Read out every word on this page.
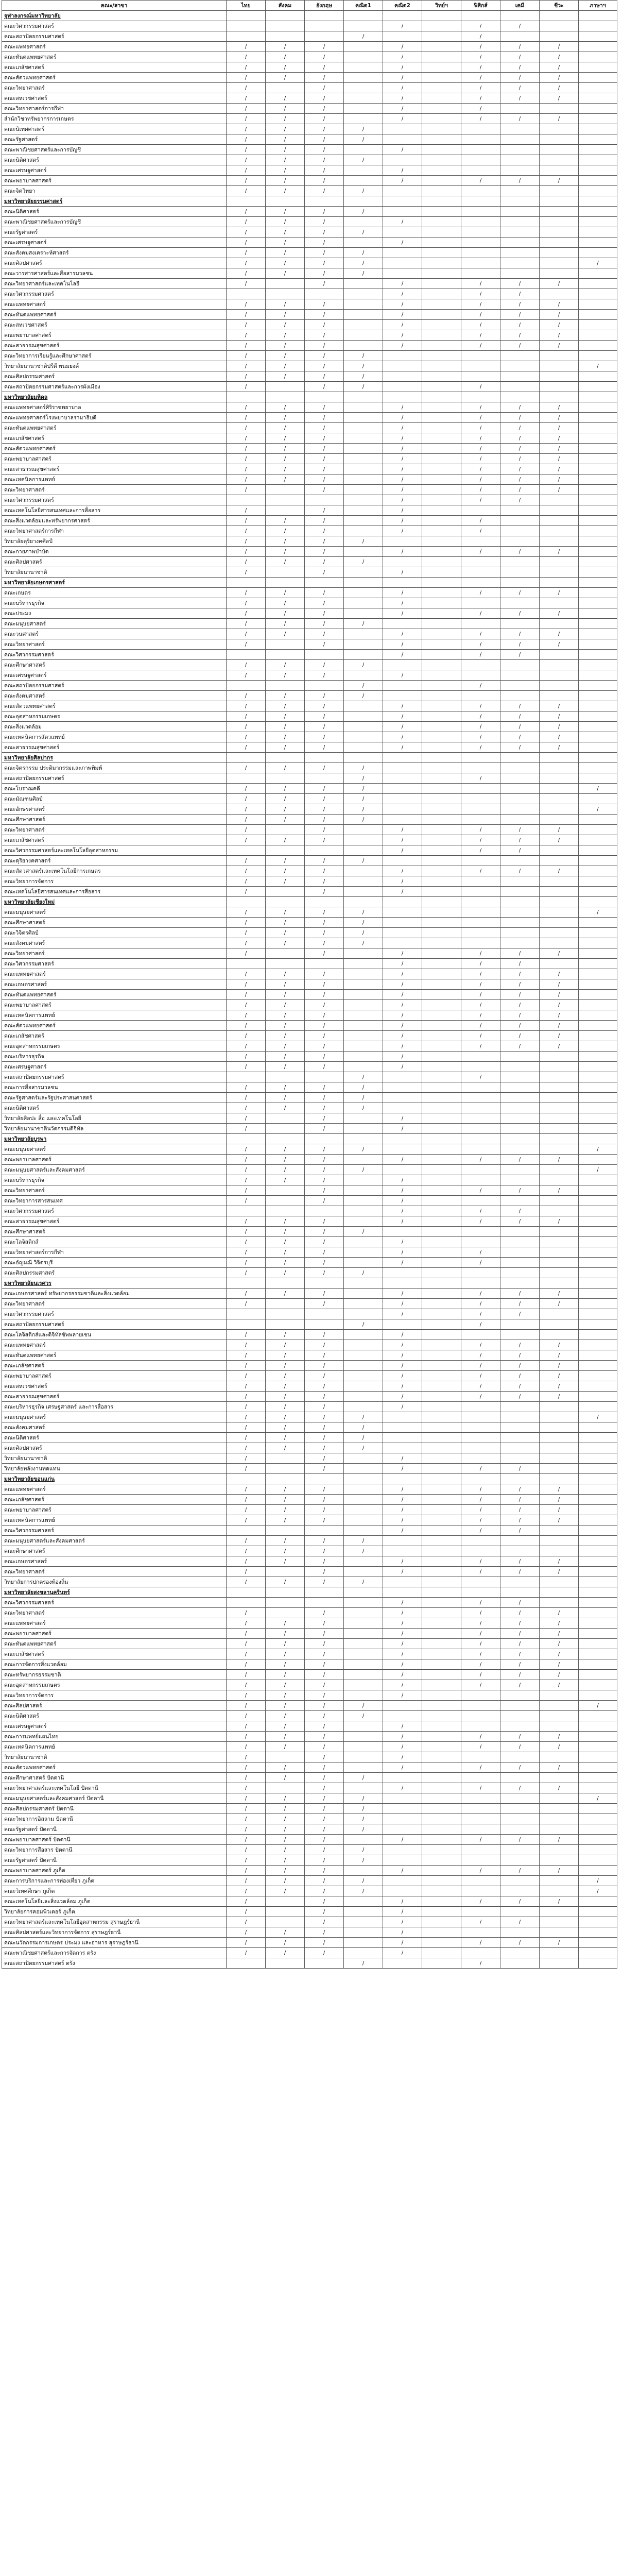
คณะ/สาขา	ไทย	สังคม	อังกฤษ	คณิต1	คณิต2	วิทย์ฯ	ฟิสิกส์	เคมี	ชีวะ	ภาษาฯ
จุฬาลงกรณ์มหาวิทยาลัย										
คณะวิศวกรรมศาสตร์					/		/	/		
คณะสถาปัตยกรรมศาสตร์				/			/			
คณะแพทยศาสตร์	/	/	/		/		/	/	/	
คณะทันตแพทยศาสตร์	/	/	/		/		/	/	/	
คณะเภสัชศาสตร์	/	/	/		/		/	/	/	
คณะสัตวแพทยศาสตร์	/	/	/		/		/	/	/	
คณะวิทยาศาสตร์	/		/		/		/	/	/	
คณะสหเวชศาสตร์	/	/	/		/		/	/	/	
คณะวิทยาศาสตร์การกีฬา	/	/	/		/		/			
สำนักวิชาทรัพยากรการเกษตร	/	/	/		/		/	/	/	
คณะนิเทศศาสตร์	/	/	/	/						
คณะรัฐศาสตร์	/	/	/	/						
คณะพาณิชยศาสตร์และการบัญชี	/	/	/		/					
คณะนิติศาสตร์	/	/	/	/						
คณะเศรษฐศาสตร์	/	/	/		/					
คณะพยาบาลศาสตร์	/	/	/		/		/	/	/	
คณะจิตวิทยา	/	/	/	/						
มหาวิทยาลัยธรรมศาสตร์										
คณะนิติศาสตร์	/	/	/	/						
คณะพาณิชยศาสตร์และการบัญชี	/	/	/		/					
คณะรัฐศาสตร์	/	/	/	/						
คณะเศรษฐศาสตร์	/	/	/		/					
คณะสังคมสงเคราะห์ศาสตร์	/	/	/	/						
คณะศิลปศาสตร์	/	/	/	/						/
คณะวารสารศาสตร์และสื่อสารมวลชน	/	/	/	/						
คณะวิทยาศาสตร์และเทคโนโลยี	/		/		/		/	/	/	
คณะวิศวกรรมศาสตร์					/		/	/		
คณะแพทยศาสตร์	/	/	/		/		/	/	/	
คณะทันตแพทยศาสตร์	/	/	/		/		/	/	/	
คณะสหเวชศาสตร์	/	/	/		/		/	/	/	
คณะพยาบาลศาสตร์	/	/	/		/		/	/	/	
คณะสาธารณสุขศาสตร์	/	/	/		/		/	/	/	
คณะวิทยาการเรียนรู้และศึกษาศาสตร์	/	/	/	/						
วิทยาลัยนานาชาติปรีดี พนมยงค์	/	/	/	/						/
คณะศิลปกรรมศาสตร์	/	/	/	/						
คณะสถาปัตยกรรมศาสตร์และการผังเมือง	/		/	/			/			
มหาวิทยาลัยมหิดล										
คณะแพทยศาสตร์ศิริราชพยาบาล	/	/	/		/		/	/	/	
คณะแพทยศาสตร์โรงพยาบาลรามาธิบดี	/	/	/		/		/	/	/	
คณะทันตแพทยศาสตร์	/	/	/		/		/	/	/	
คณะเภสัชศาสตร์	/	/	/		/		/	/	/	
คณะสัตวแพทยศาสตร์	/	/	/		/		/	/	/	
คณะพยาบาลศาสตร์	/	/	/		/		/	/	/	
คณะสาธารณสุขศาสตร์	/	/	/		/		/	/	/	
คณะเทคนิคการแพทย์	/	/	/		/		/	/	/	
คณะวิทยาศาสตร์	/		/		/		/	/	/	
คณะวิศวกรรมศาสตร์					/		/	/		
คณะเทคโนโลยีสารสนเทศและการสื่อสาร	/		/		/					
คณะสิ่งแวดล้อมและทรัพยากรศาสตร์	/	/	/		/		/			
คณะวิทยาศาสตร์การกีฬา	/	/	/		/		/			
วิทยาลัยดุริยางคศิลป์	/	/	/	/						
คณะกายภาพบำบัด	/	/	/		/		/	/	/	
คณะศิลปศาสตร์	/	/	/	/						
วิทยาลัยนานาชาติ	/		/		/					
มหาวิทยาลัยเกษตรศาสตร์										
คณะเกษตร	/	/	/		/		/	/	/	
คณะบริหารธุรกิจ	/	/	/		/					
คณะประมง	/	/	/		/		/	/	/	
คณะมนุษยศาสตร์	/	/	/	/						
คณะวนศาสตร์	/	/	/		/		/	/	/	
คณะวิทยาศาสตร์	/		/		/		/	/	/	
คณะวิศวกรรมศาสตร์					/		/	/		
คณะศึกษาศาสตร์	/	/	/	/						
คณะเศรษฐศาสตร์	/	/	/		/					
คณะสถาปัตยกรรมศาสตร์				/			/			
คณะสังคมศาสตร์	/	/	/	/						
คณะสัตวแพทยศาสตร์	/	/	/		/		/	/	/	
คณะอุตสาหกรรมเกษตร	/	/	/		/		/	/	/	
คณะสิ่งแวดล้อม	/	/	/		/		/	/	/	
คณะเทคนิคการสัตวแพทย์	/	/	/		/		/	/	/	
คณะสาธารณสุขศาสตร์	/	/	/		/		/	/	/	
มหาวิทยาลัยศิลปากร										
คณะจิตรกรรม ประติมากรรมและภาพพิมพ์	/	/	/	/						
คณะสถาปัตยกรรมศาสตร์				/			/			
คณะโบราณคดี	/	/	/	/						/
คณะมัณฑนศิลป์	/	/	/	/						
คณะอักษรศาสตร์	/	/	/	/						/
คณะศึกษาศาสตร์	/	/	/	/						
คณะวิทยาศาสตร์	/		/		/		/	/	/	
คณะเภสัชศาสตร์	/	/	/		/		/	/	/	
คณะวิศวกรรมศาสตร์และเทคโนโลยีอุตสาหกรรม					/		/	/		
คณะดุริยางคศาสตร์	/	/	/	/						
คณะสัตวศาสตร์และเทคโนโลยีการเกษตร	/	/	/		/		/	/	/	
คณะวิทยาการจัดการ	/	/	/		/					
คณะเทคโนโลยีสารสนเทศและการสื่อสาร	/		/		/					
มหาวิทยาลัยเชียงใหม่										
คณะมนุษยศาสตร์	/	/	/	/						/
คณะศึกษาศาสตร์	/	/	/	/						
คณะวิจิตรศิลป์	/	/	/	/						
คณะสังคมศาสตร์	/	/	/	/						
คณะวิทยาศาสตร์	/		/		/		/	/	/	
คณะวิศวกรรมศาสตร์					/		/	/		
คณะแพทยศาสตร์	/	/	/		/		/	/	/	
คณะเกษตรศาสตร์	/	/	/		/		/	/	/	
คณะทันตแพทยศาสตร์	/	/	/		/		/	/	/	
คณะพยาบาลศาสตร์	/	/	/		/		/	/	/	
คณะเทคนิคการแพทย์	/	/	/		/		/	/	/	
คณะสัตวแพทยศาสตร์	/	/	/		/		/	/	/	
คณะเภสัชศาสตร์	/	/	/		/		/	/	/	
คณะอุตสาหกรรมเกษตร	/	/	/		/		/	/	/	
คณะบริหารธุรกิจ	/	/	/		/					
คณะเศรษฐศาสตร์	/	/	/		/					
คณะสถาปัตยกรรมศาสตร์				/			/			
คณะการสื่อสารมวลชน	/	/	/	/						
คณะรัฐศาสตร์และรัฐประศาสนศาสตร์	/	/	/	/						
คณะนิติศาสตร์	/	/	/	/						
วิทยาลัยศิลปะ สื่อ และเทคโนโลยี	/		/		/					
วิทยาลัยนานาชาตินวัตกรรมดิจิทัล	/		/		/					
มหาวิทยาลัยบูรพา										
คณะมนุษยศาสตร์	/	/	/	/						/
คณะพยาบาลศาสตร์	/	/	/		/		/	/	/	
คณะมนุษยศาสตร์และสังคมศาสตร์	/	/	/	/						/
คณะบริหารธุรกิจ	/	/	/		/					
คณะวิทยาศาสตร์	/		/		/		/	/	/	
คณะวิทยาการสารสนเทศ	/		/		/					
คณะวิศวกรรมศาสตร์					/		/	/		
คณะสาธารณสุขศาสตร์	/	/	/		/		/	/	/	
คณะศึกษาศาสตร์	/	/	/	/						
คณะโลจิสติกส์	/	/	/		/					
คณะวิทยาศาสตร์การกีฬา	/	/	/		/		/			
คณะอัญมณี วิจิตรบุรี	/	/	/		/		/			
คณะศิลปกรรมศาสตร์	/	/	/	/						
มหาวิทยาลัยนเรศวร										
คณะเกษตรศาสตร์ ทรัพยากรธรรมชาติและสิ่งแวดล้อม	/	/	/		/		/	/	/	
คณะวิทยาศาสตร์	/		/		/		/	/	/	
คณะวิศวกรรมศาสตร์					/		/	/		
คณะสถาปัตยกรรมศาสตร์				/			/			
คณะโลจิสติกส์และดิจิทัลซัพพลายเชน	/	/	/		/					
คณะแพทยศาสตร์	/	/	/		/		/	/	/	
คณะทันตแพทยศาสตร์	/	/	/		/		/	/	/	
คณะเภสัชศาสตร์	/	/	/		/		/	/	/	
คณะพยาบาลศาสตร์	/	/	/		/		/	/	/	
คณะสหเวชศาสตร์	/	/	/		/		/	/	/	
คณะสาธารณสุขศาสตร์	/	/	/		/		/	/	/	
คณะบริหารธุรกิจ เศรษฐศาสตร์ และการสื่อสาร	/	/	/		/					
คณะมนุษยศาสตร์	/	/	/	/						/
คณะสังคมศาสตร์	/	/	/	/						
คณะนิติศาสตร์	/	/	/	/						
คณะศิลปศาสตร์	/	/	/	/						
วิทยาลัยนานาชาติ	/		/		/					
วิทยาลัยพลังงานทดแทน	/		/		/		/	/		
มหาวิทยาลัยขอนแก่น										
คณะแพทยศาสตร์	/	/	/		/		/	/	/	
คณะเภสัชศาสตร์	/	/	/		/		/	/	/	
คณะพยาบาลศาสตร์	/	/	/		/		/	/	/	
คณะเทคนิคการแพทย์	/	/	/		/		/	/	/	
คณะวิศวกรรมศาสตร์					/		/	/		
คณะมนุษยศาสตร์และสังคมศาสตร์	/	/	/	/						
คณะศึกษาศาสตร์	/	/	/	/						
คณะเกษตรศาสตร์	/	/	/		/		/	/	/	
คณะวิทยาศาสตร์	/		/		/		/	/	/	
วิทยาลัยการปกครองท้องถิ่น	/	/	/	/						
มหาวิทยาลัยสงขลานครินทร์										
คณะวิศวกรรมศาสตร์					/		/	/		
คณะวิทยาศาสตร์	/		/		/		/	/	/	
คณะแพทยศาสตร์	/	/	/		/		/	/	/	
คณะพยาบาลศาสตร์	/	/	/		/		/	/	/	
คณะทันตแพทยศาสตร์	/	/	/		/		/	/	/	
คณะเภสัชศาสตร์	/	/	/		/		/	/	/	
คณะการจัดการสิ่งแวดล้อม	/	/	/		/		/	/	/	
คณะทรัพยากรธรรมชาติ	/	/	/		/		/	/	/	
คณะอุตสาหกรรมเกษตร	/	/	/		/		/	/	/	
คณะวิทยาการจัดการ	/	/	/		/					
คณะศิลปศาสตร์	/	/	/	/						/
คณะนิติศาสตร์	/	/	/	/						
คณะเศรษฐศาสตร์	/	/	/		/					
คณะการแพทย์แผนไทย	/	/	/		/		/	/	/	
คณะเทคนิคการแพทย์	/	/	/		/		/	/	/	
วิทยาลัยนานาชาติ	/		/		/					
คณะสัตวแพทยศาสตร์	/	/	/		/		/	/	/	
คณะศึกษาศาสตร์ ปัตตานี	/	/	/	/						
คณะวิทยาศาสตร์และเทคโนโลยี ปัตตานี	/		/		/		/	/	/	
คณะมนุษยศาสตร์และสังคมศาสตร์ ปัตตานี	/	/	/	/						/
คณะศิลปกรรมศาสตร์ ปัตตานี	/	/	/	/						
คณะวิทยาการอิสลาม ปัตตานี	/	/	/	/						
คณะรัฐศาสตร์ ปัตตานี	/	/	/	/						
คณะพยาบาลศาสตร์ ปัตตานี	/	/	/		/		/	/	/	
คณะวิทยาการสื่อสาร ปัตตานี	/	/	/	/						
คณะรัฐศาสตร์ ปัตตานี	/	/	/	/						
คณะพยาบาลศาสตร์ ภูเก็ต	/	/	/		/		/	/	/	
คณะการบริการและการท่องเที่ยว ภูเก็ต	/	/	/	/						/
คณะวิเทศศึกษา ภูเก็ต	/	/	/	/						/
คณะเทคโนโลยีและสิ่งแวดล้อม ภูเก็ต	/		/		/		/	/	/	
วิทยาลัยการคอมพิวเตอร์ ภูเก็ต	/		/		/					
คณะวิทยาศาสตร์และเทคโนโลยีอุตสาหกรรม สุราษฎร์ธานี	/		/		/		/	/		
คณะศิลปศาสตร์และวิทยาการจัดการ สุราษฎร์ธานี	/	/	/		/					
คณะนวัตกรรมการเกษตร ประมง และอาหาร สุราษฎร์ธานี	/	/	/		/		/	/	/	
คณะพาณิชยศาสตร์และการจัดการ ตรัง	/	/	/		/					
คณะสถาปัตยกรรมศาสตร์ ตรัง				/			/			
